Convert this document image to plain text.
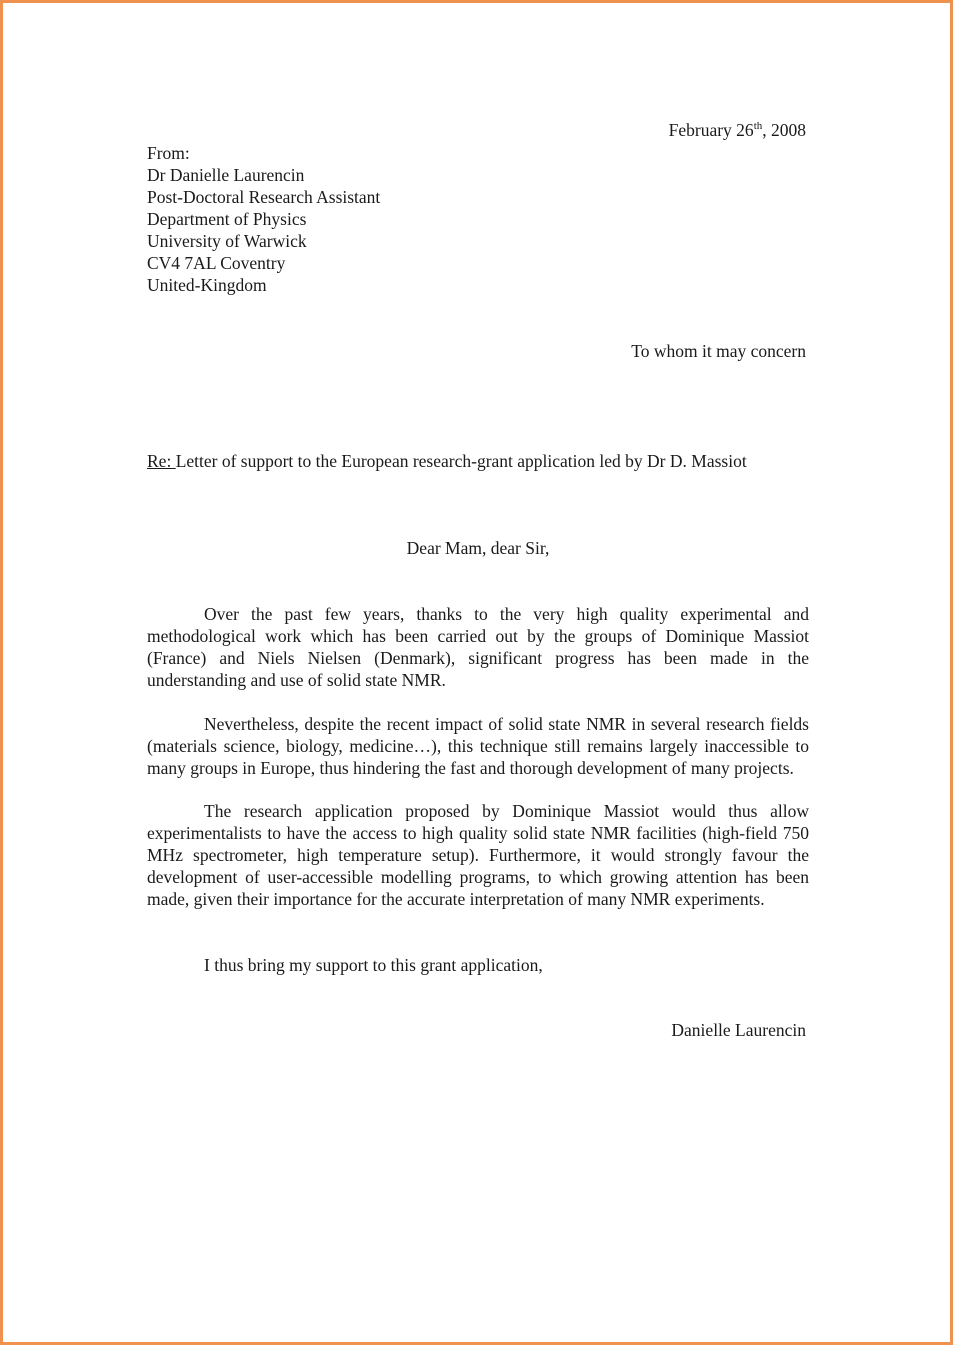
February 26th, 2008
From:
Dr Danielle Laurencin
Post-Doctoral Research Assistant
Department of Physics
University of Warwick
CV4 7AL Coventry
United-Kingdom
To whom it may concern
Re: Letter of support to the European research-grant application led by Dr D. Massiot
Dear Mam, dear Sir,

Over the past few years, thanks to the very high quality experimental and methodological work which has been carried out by the groups of Dominique Massiot (France) and Niels Nielsen (Denmark), significant progress has been made in the understanding and use of solid state NMR.

Nevertheless, despite the recent impact of solid state NMR in several research fields (materials science, biology, medicine…), this technique still remains largely inaccessible to many groups in Europe, thus hindering the fast and thorough development of many projects.

The research application proposed by Dominique Massiot would thus allow experimentalists to have the access to high quality solid state NMR facilities (high-field 750 MHz spectrometer, high temperature setup). Furthermore, it would strongly favour the development of user-accessible modelling programs, to which growing attention has been made, given their importance for the accurate interpretation of many NMR experiments.

I thus bring my support to this grant application,

Danielle Laurencin
